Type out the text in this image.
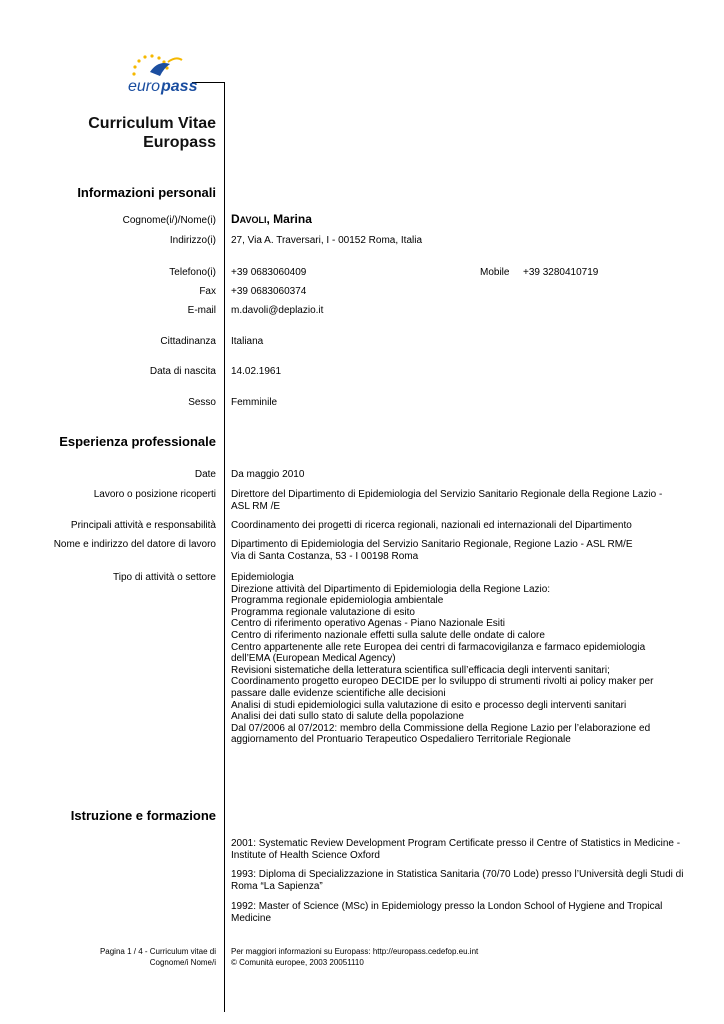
euro pass
Curriculum Vitae
Europass
Informazioni personali
Cognome(i/)/Nome(i) DAVOLI, Marina
Indirizzo(i) 27, Via A. Traversari, I - 00152 Roma, Italia
Telefono(i) +39 0683060409	Mobile +39 3280410719
Fax +39 0683060374
E-mail m.davoli@deplazio.it
Cittadinanza Italiana
Data di nascita 14.02.1961
Sesso Femminile
Esperienza professionale
Date Da maggio 2010
Lavoro o posizione ricoperti Direttore del Dipartimento di Epidemiologia del Servizio Sanitario Regionale della Regione Lazio -
ASL RM /E
Principali attività e responsabilità Coordinamento dei progetti di ricerca regionali, nazionali ed internazionali del Dipartimento
Nome e indirizzo del datore di lavoro Dipartimento di Epidemiologia del Servizio Sanitario Regionale, Regione Lazio - ASL RM/E
Via di Santa Costanza, 53 - I 00198 Roma
Tipo di attività o settore Epidemiologia
Direzione attività del Dipartimento di Epidemiologia della Regione Lazio:
Programma regionale epidemiologia ambientale
Programma regionale valutazione di esito
Centro di riferimento operativo Agenas - Piano Nazionale Esiti
Centro di riferimento nazionale effetti sulla salute delle ondate di calore
Centro appartenente alle rete Europea dei centri di farmacovigilanza e farmaco epidemiologia
dell’EMA (European Medical Agency)
Revisioni sistematiche della letteratura scientifica sull’efficacia degli interventi sanitari;
Coordinamento progetto europeo DECIDE per lo sviluppo di strumenti rivolti ai policy maker per
passare dalle evidenze scientifiche alle decisioni
Analisi di studi epidemiologici sulla valutazione di esito e processo degli interventi sanitari
Analisi dei dati sullo stato di salute della popolazione
Dal 07/2006 al 07/2012: membro della Commissione della Regione Lazio per l’elaborazione ed
aggiornamento del Prontuario Terapeutico Ospedaliero Territoriale Regionale
Istruzione e formazione
2001: Systematic Review Development Program Certificate presso il Centre of Statistics in Medicine -
Institute of Health Science Oxford
1993: Diploma di Specializzazione in Statistica Sanitaria (70/70 Lode) presso l’Università degli Studi di
Roma “La Sapienza”
1992: Master of Science (MSc) in Epidemiology presso la London School of Hygiene and Tropical
Medicine
Pagina 1 / 4 - Curriculum vitae di
Cognome/i Nome/i
Per maggiori informazioni su Europass: http://europass.cedefop.eu.int
© Comunità europee, 2003 20051110
